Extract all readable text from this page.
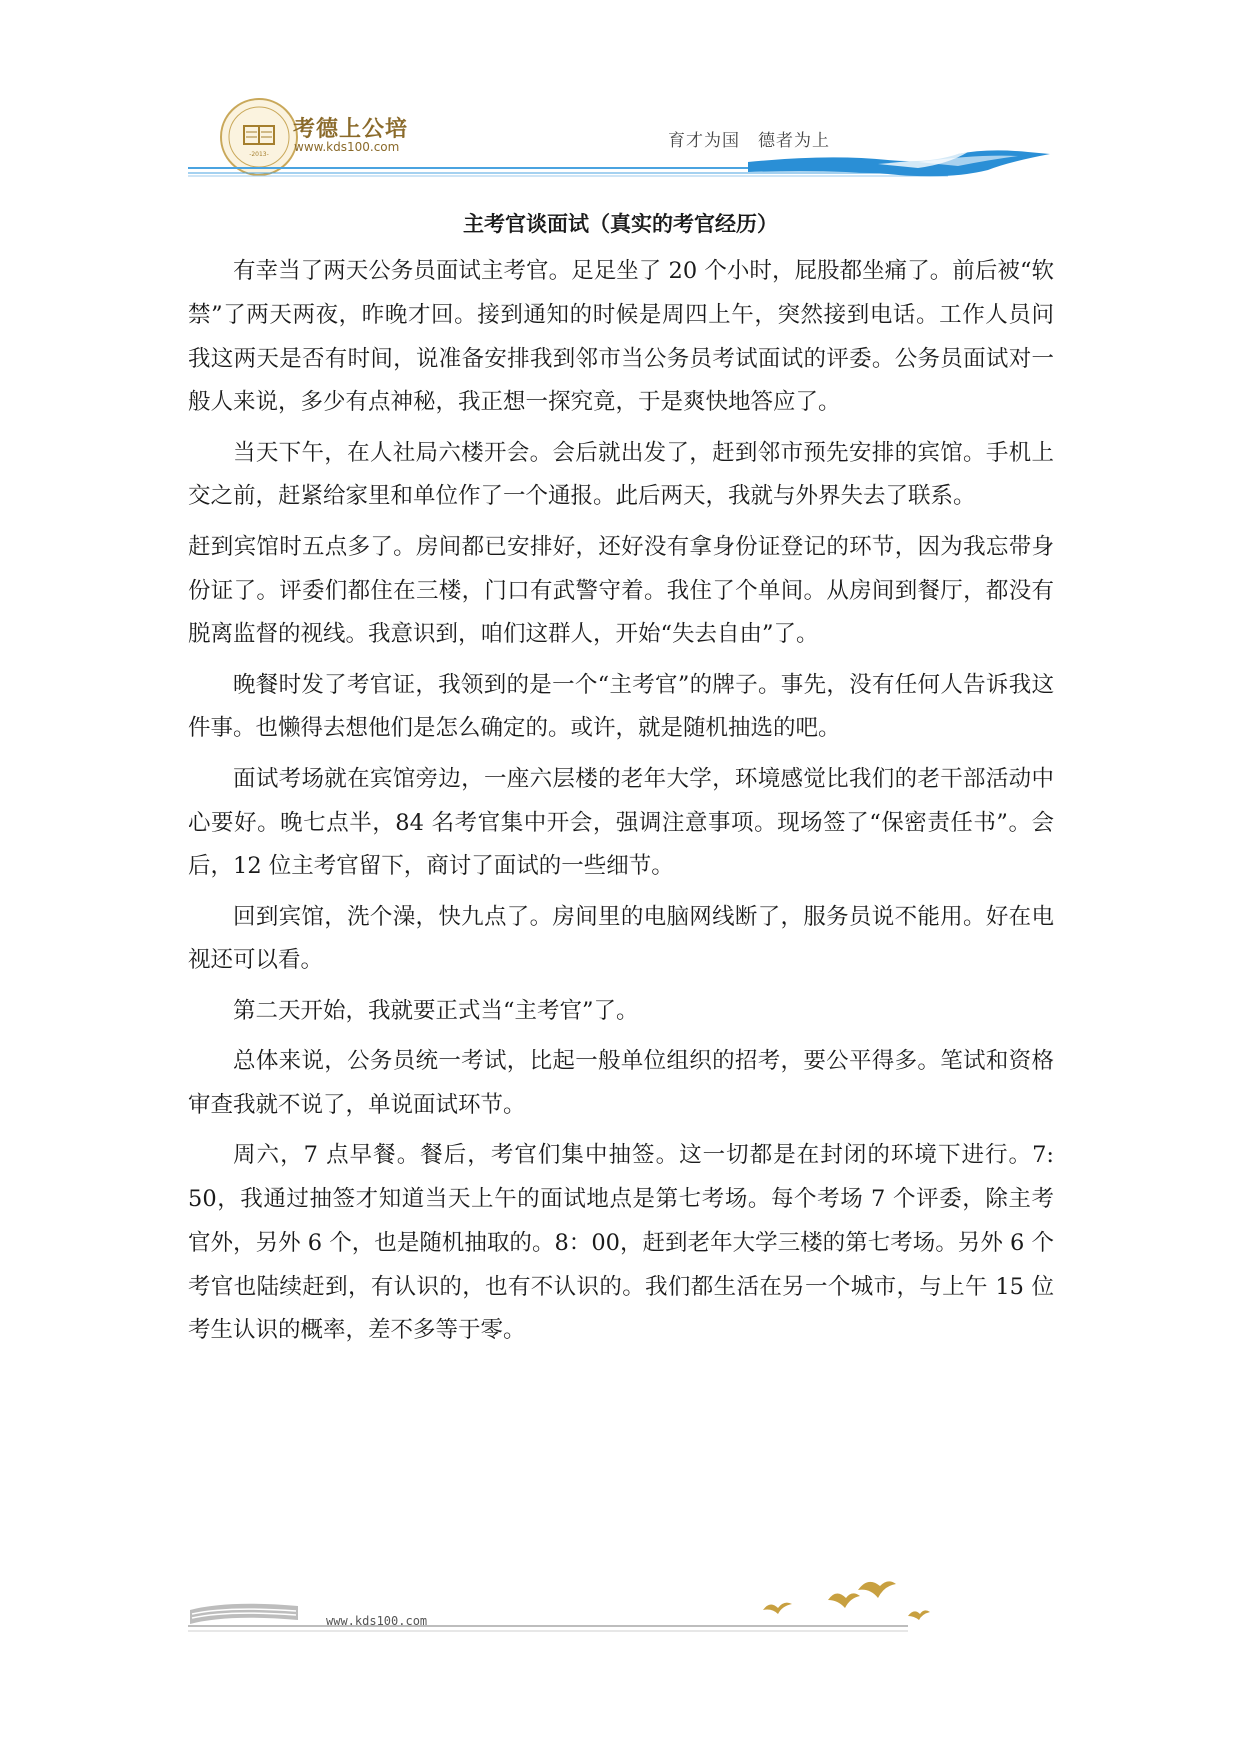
-2013-
考德上公培
www.kds100.com	育才为国　德者为上
主考官谈面试（真实的考官经历）

有幸当了两天公务员面试主考官。足足坐了 20 个小时，屁股都坐痛了。前后被“软禁”了两天两夜，昨晚才回。接到通知的时候是周四上午，突然接到电话。工作人员问我这两天是否有时间，说准备安排我到邻市当公务员考试面试的评委。公务员面试对一般人来说，多少有点神秘，我正想一探究竟，于是爽快地答应了。

当天下午，在人社局六楼开会。会后就出发了，赶到邻市预先安排的宾馆。手机上交之前，赶紧给家里和单位作了一个通报。此后两天，我就与外界失去了联系。

赶到宾馆时五点多了。房间都已安排好，还好没有拿身份证登记的环节，因为我忘带身份证了。评委们都住在三楼，门口有武警守着。我住了个单间。从房间到餐厅，都没有脱离监督的视线。我意识到，咱们这群人，开始“失去自由”了。

晚餐时发了考官证，我领到的是一个“主考官”的牌子。事先，没有任何人告诉我这件事。也懒得去想他们是怎么确定的。或许，就是随机抽选的吧。

面试考场就在宾馆旁边，一座六层楼的老年大学，环境感觉比我们的老干部活动中心要好。晚七点半，84 名考官集中开会，强调注意事项。现场签了“保密责任书”。会后，12 位主考官留下，商讨了面试的一些细节。

回到宾馆，洗个澡，快九点了。房间里的电脑网线断了，服务员说不能用。好在电视还可以看。

第二天开始，我就要正式当“主考官”了。

总体来说，公务员统一考试，比起一般单位组织的招考，要公平得多。笔试和资格审查我就不说了，单说面试环节。

周六，7 点早餐。餐后，考官们集中抽签。这一切都是在封闭的环境下进行。7: 50，我通过抽签才知道当天上午的面试地点是第七考场。每个考场 7 个评委，除主考官外，另外 6 个，也是随机抽取的。8：00，赶到老年大学三楼的第七考场。另外 6 个考官也陆续赶到，有认识的，也有不认识的。我们都生活在另一个城市，与上午 15 位考生认识的概率，差不多等于零。

www.kds100.com
